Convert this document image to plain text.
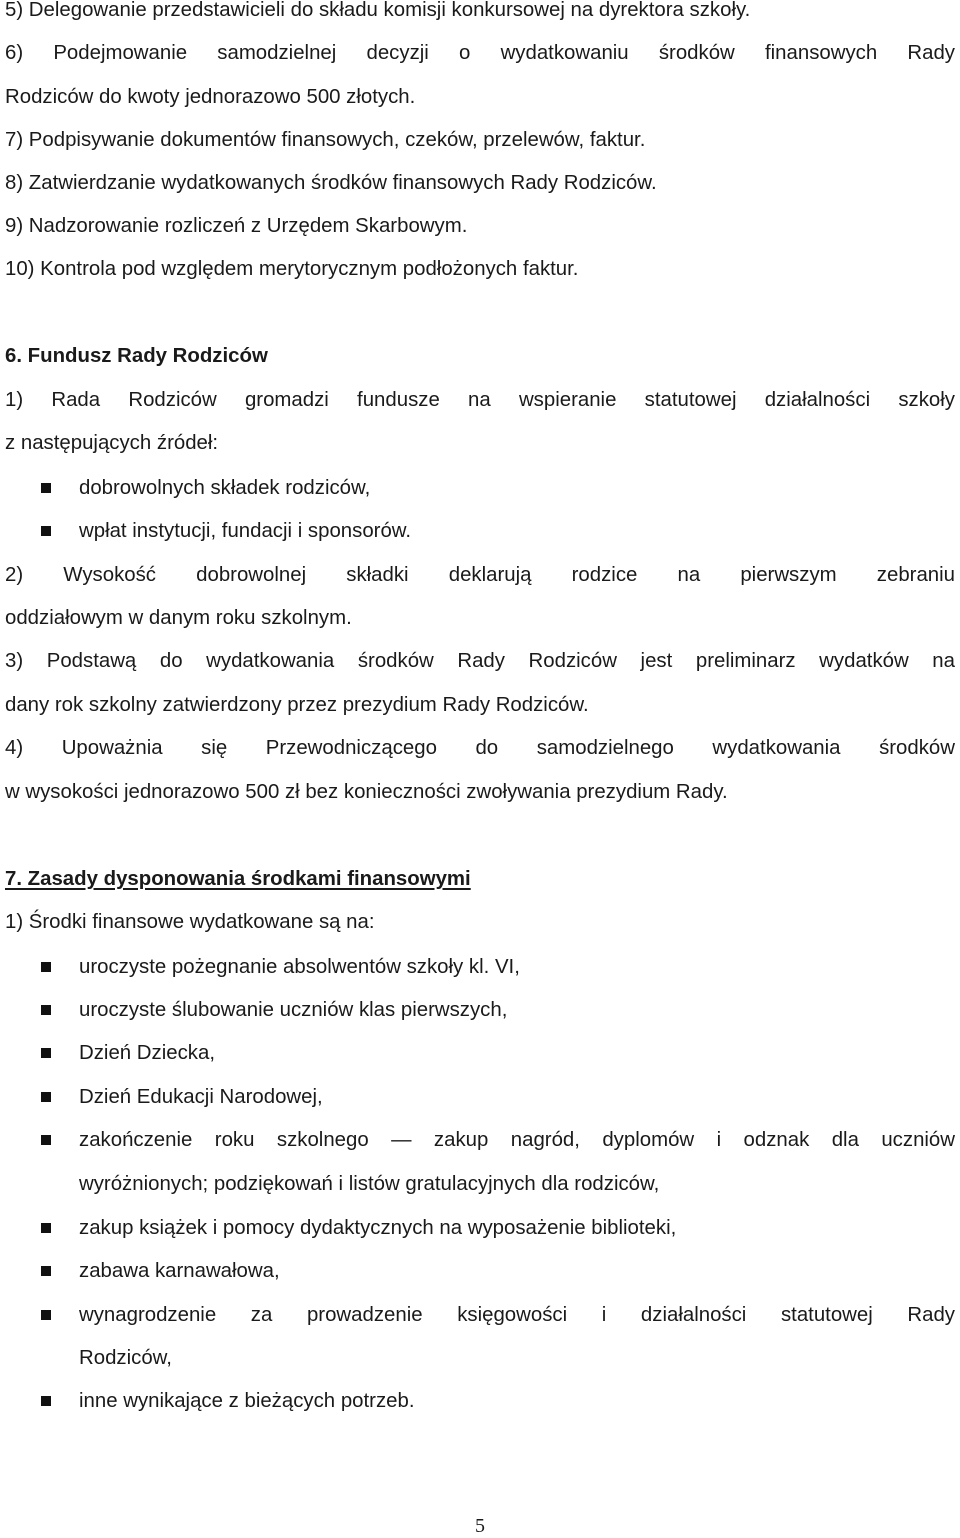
5) Delegowanie przedstawicieli do składu komisji konkursowej na dyrektora szkoły.
6) Podejmowanie samodzielnej decyzji o wydatkowaniu środków finansowych Rady
Rodziców do kwoty jednorazowo 500 złotych.
7) Podpisywanie dokumentów finansowych, czeków, przelewów, faktur.
8) Zatwierdzanie wydatkowanych środków finansowych Rady Rodziców.
9) Nadzorowanie rozliczeń z Urzędem Skarbowym.
10) Kontrola pod względem merytorycznym podłożonych faktur.
6. Fundusz Rady Rodziców
1) Rada Rodziców gromadzi fundusze na wspieranie statutowej działalności szkoły
z następujących źródeł:
dobrowolnych składek rodziców,
wpłat instytucji, fundacji i sponsorów.
2) Wysokość dobrowolnej składki deklarują rodzice na pierwszym zebraniu
oddziałowym w danym roku szkolnym.
3) Podstawą do wydatkowania środków Rady Rodziców jest preliminarz wydatków na
dany rok szkolny zatwierdzony przez prezydium Rady Rodziców.
4) Upoważnia się Przewodniczącego do samodzielnego wydatkowania środków
w wysokości jednorazowo 500 zł bez konieczności zwoływania prezydium Rady.
7. Zasady dysponowania środkami finansowymi
1) Środki finansowe wydatkowane są na:
uroczyste pożegnanie absolwentów szkoły kl. VI,
uroczyste ślubowanie uczniów klas pierwszych,
Dzień Dziecka,
Dzień Edukacji Narodowej,
zakończenie roku szkolnego — zakup nagród, dyplomów i odznak dla uczniów
wyróżnionych; podziękowań i listów gratulacyjnych dla rodziców,
zakup książek i pomocy dydaktycznych na wyposażenie biblioteki,
zabawa karnawałowa,
wynagrodzenie za prowadzenie księgowości i działalności statutowej Rady
Rodziców,
inne wynikające z bieżących potrzeb.
5
